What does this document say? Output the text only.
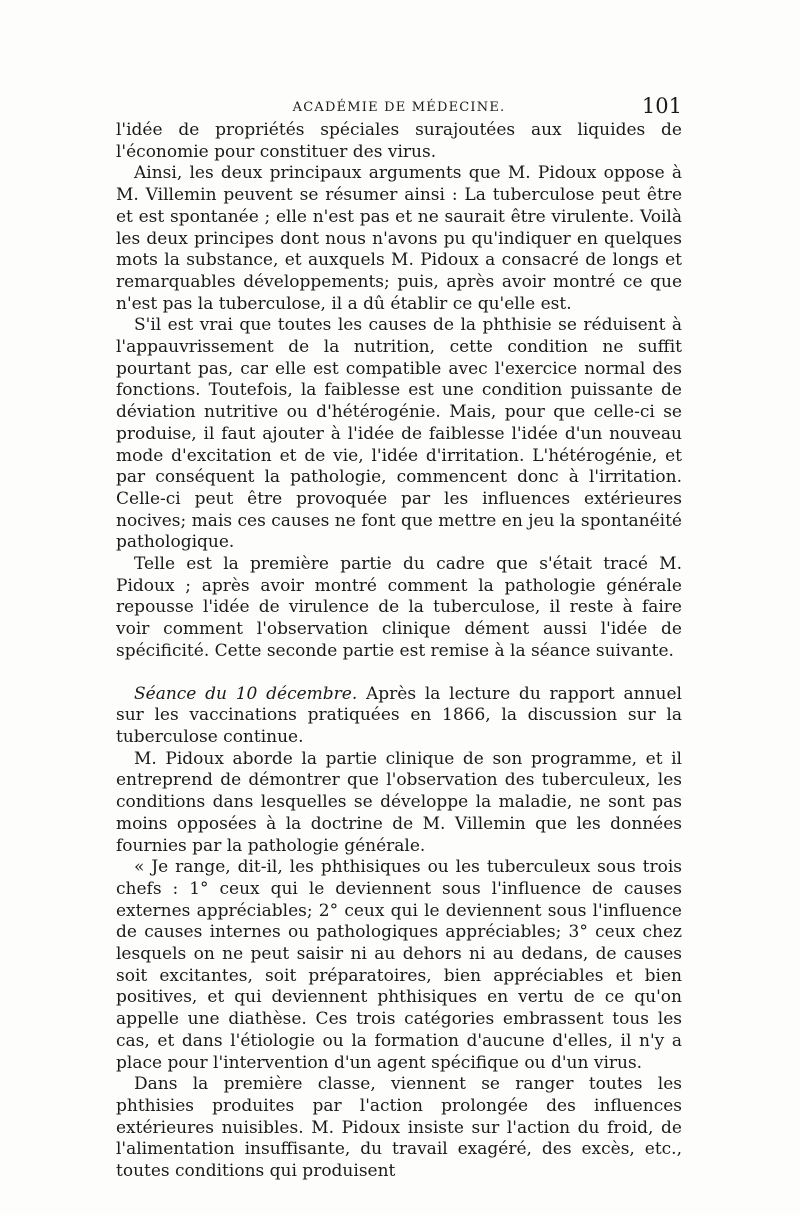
ACADÉMIE DE MÉDECINE.	101

l'idée de propriétés spéciales surajoutées aux liquides de l'économie pour constituer des virus.

Ainsi, les deux principaux arguments que M. Pidoux oppose à M. Villemin peuvent se résumer ainsi : La tuberculose peut être et est spontanée ; elle n'est pas et ne saurait être virulente. Voilà les deux principes dont nous n'avons pu qu'indiquer en quelques mots la substance, et auxquels M. Pidoux a consacré de longs et remarquables développements; puis, après avoir montré ce que n'est pas la tuberculose, il a dû établir ce qu'elle est.

S'il est vrai que toutes les causes de la phthisie se réduisent à l'appauvrissement de la nutrition, cette condition ne suffit pourtant pas, car elle est compatible avec l'exercice normal des fonctions. Toutefois, la faiblesse est une condition puissante de déviation nutritive ou d'hétérogénie. Mais, pour que celle-ci se produise, il faut ajouter à l'idée de faiblesse l'idée d'un nouveau mode d'excitation et de vie, l'idée d'irritation. L'hétérogénie, et par conséquent la pathologie, commencent donc à l'irritation. Celle-ci peut être provoquée par les influences extérieures nocives; mais ces causes ne font que mettre en jeu la spontanéité pathologique.

Telle est la première partie du cadre que s'était tracé M. Pidoux ; après avoir montré comment la pathologie générale repousse l'idée de virulence de la tuberculose, il reste à faire voir comment l'observation clinique dément aussi l'idée de spécificité. Cette seconde partie est remise à la séance suivante.

Séance du 10 décembre. Après la lecture du rapport annuel sur les vaccinations pratiquées en 1866, la discussion sur la tuberculose continue.

M. Pidoux aborde la partie clinique de son programme, et il entreprend de démontrer que l'observation des tuberculeux, les conditions dans lesquelles se développe la maladie, ne sont pas moins opposées à la doctrine de M. Villemin que les données fournies par la pathologie générale.

« Je range, dit-il, les phthisiques ou les tuberculeux sous trois chefs : 1° ceux qui le deviennent sous l'influence de causes externes appréciables; 2° ceux qui le deviennent sous l'influence de causes internes ou pathologiques appréciables; 3° ceux chez lesquels on ne peut saisir ni au dehors ni au dedans, de causes soit excitantes, soit préparatoires, bien appréciables et bien positives, et qui deviennent phthisiques en vertu de ce qu'on appelle une diathèse. Ces trois catégories embrassent tous les cas, et dans l'étiologie ou la formation d'aucune d'elles, il n'y a place pour l'intervention d'un agent spécifique ou d'un virus.

Dans la première classe, viennent se ranger toutes les phthisies produites par l'action prolongée des influences extérieures nuisibles. M. Pidoux insiste sur l'action du froid, de l'alimentation insuffisante, du travail exagéré, des excès, etc., toutes conditions qui produisent
